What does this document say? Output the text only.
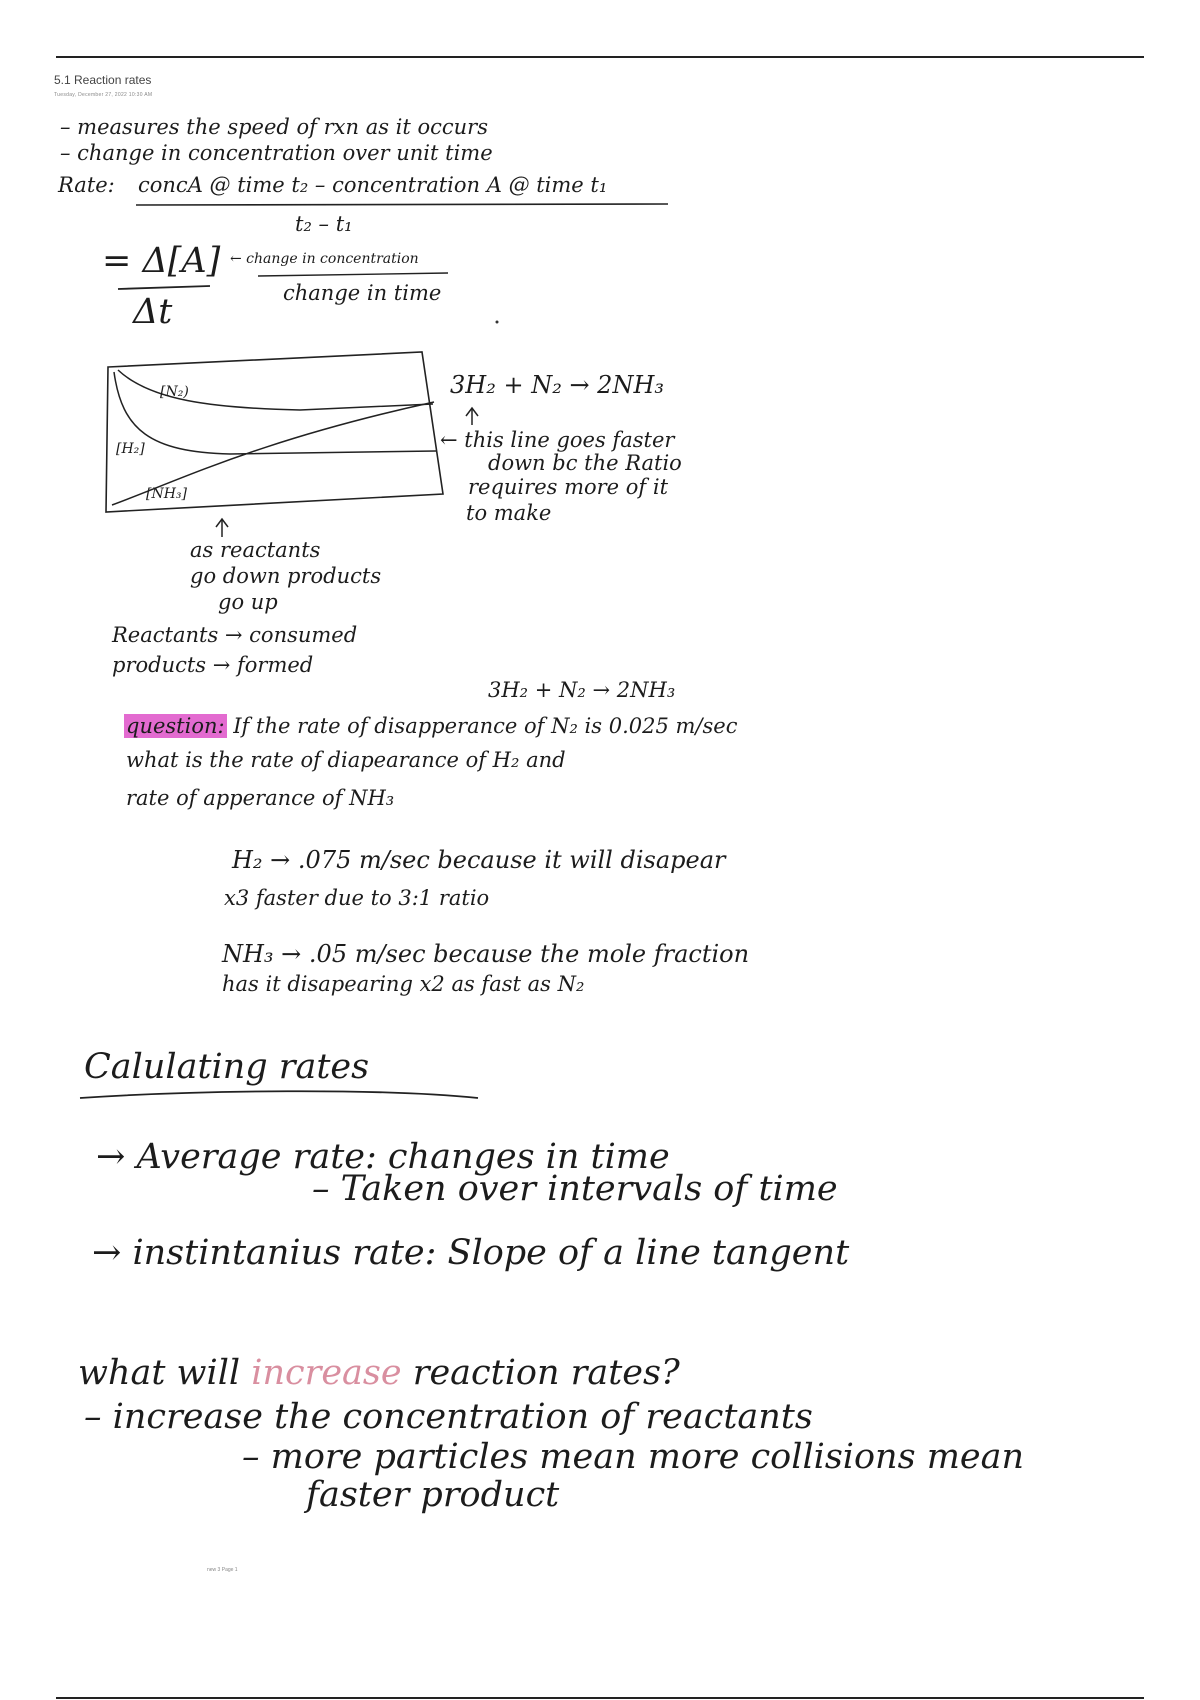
5.1 Reaction rates
Tuesday, December 27, 2022 10:30 AM
– measures the speed of rxn as it occurs
– change in concentration over unit time
Rate: concA @ time t₂ – concentration A @ time t₁
t₂ – t₁
= Δ[A]
Δt
← change in concentration
change in time
[N₂)
[H₂]
[NH₃]
3H₂ + N₂ → 2NH₃
← this line goes faster
down bc the Ratio
requires more of it
to make
as reactants
go down products
go up
Reactants → consumed
products → formed
3H₂ + N₂ → 2NH₃
question: If the rate of disapperance of N₂ is 0.025 m/sec
what is the rate of diapearance of H₂ and
rate of apperance of NH₃
H₂ → .075 m/sec because it will disapear
x3 faster due to 3:1 ratio
NH₃ → .05 m/sec because the mole fraction
has it disapearing x2 as fast as N₂
Calulating rates
→ Average rate: changes in time
– Taken over intervals of time
→ instintanius rate: Slope of a line tangent
what will increase reaction rates?
– increase the concentration of reactants
– more particles mean more collisions mean
faster product
new 3 Page 1
